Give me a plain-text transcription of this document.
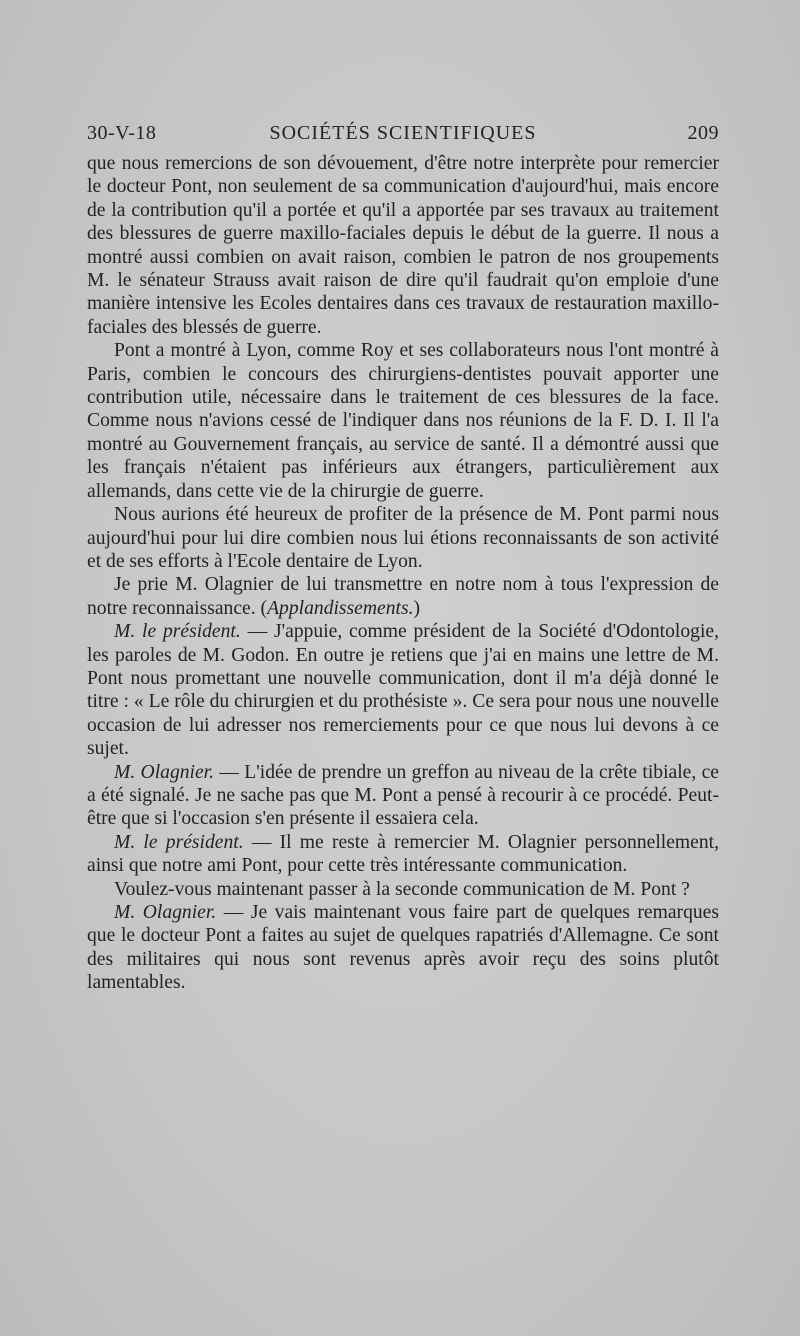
30-V-18	SOCIÉTÉS SCIENTIFIQUES	209

que nous remercions de son dévouement, d'être notre interprète pour remercier le docteur Pont, non seulement de sa communication d'aujourd'hui, mais encore de la contribution qu'il a portée et qu'il a apportée par ses travaux au traitement des blessures de guerre maxillo-faciales depuis le début de la guerre. Il nous a montré aussi combien on avait raison, combien le patron de nos groupements M. le sénateur Strauss avait raison de dire qu'il faudrait qu'on emploie d'une manière intensive les Ecoles dentaires dans ces travaux de restauration maxillo-faciales des blessés de guerre.

Pont a montré à Lyon, comme Roy et ses collaborateurs nous l'ont montré à Paris, combien le concours des chirurgiens-dentistes pouvait apporter une contribution utile, nécessaire dans le traitement de ces blessures de la face. Comme nous n'avions cessé de l'indiquer dans nos réunions de la F. D. I. Il l'a montré au Gouvernement français, au service de santé. Il a démontré aussi que les français n'étaient pas inférieurs aux étrangers, particulièrement aux allemands, dans cette vie de la chirurgie de guerre.

Nous aurions été heureux de profiter de la présence de M. Pont parmi nous aujourd'hui pour lui dire combien nous lui étions reconnaissants de son activité et de ses efforts à l'Ecole dentaire de Lyon.

Je prie M. Olagnier de lui transmettre en notre nom à tous l'expression de notre reconnaissance. (Applandissements.)

M. le président. — J'appuie, comme président de la Société d'Odontologie, les paroles de M. Godon. En outre je retiens que j'ai en mains une lettre de M. Pont nous promettant une nouvelle communication, dont il m'a déjà donné le titre : « Le rôle du chirurgien et du prothésiste ». Ce sera pour nous une nouvelle occasion de lui adresser nos remerciements pour ce que nous lui devons à ce sujet.

M. Olagnier. — L'idée de prendre un greffon au niveau de la crête tibiale, ce a été signalé. Je ne sache pas que M. Pont a pensé à recourir à ce procédé. Peut-être que si l'occasion s'en présente il essaiera cela.

M. le président. — Il me reste à remercier M. Olagnier personnellement, ainsi que notre ami Pont, pour cette très intéressante communication.

Voulez-vous maintenant passer à la seconde communication de M. Pont ?

M. Olagnier. — Je vais maintenant vous faire part de quelques remarques que le docteur Pont a faites au sujet de quelques rapatriés d'Allemagne. Ce sont des militaires qui nous sont revenus après avoir reçu des soins plutôt lamentables.
